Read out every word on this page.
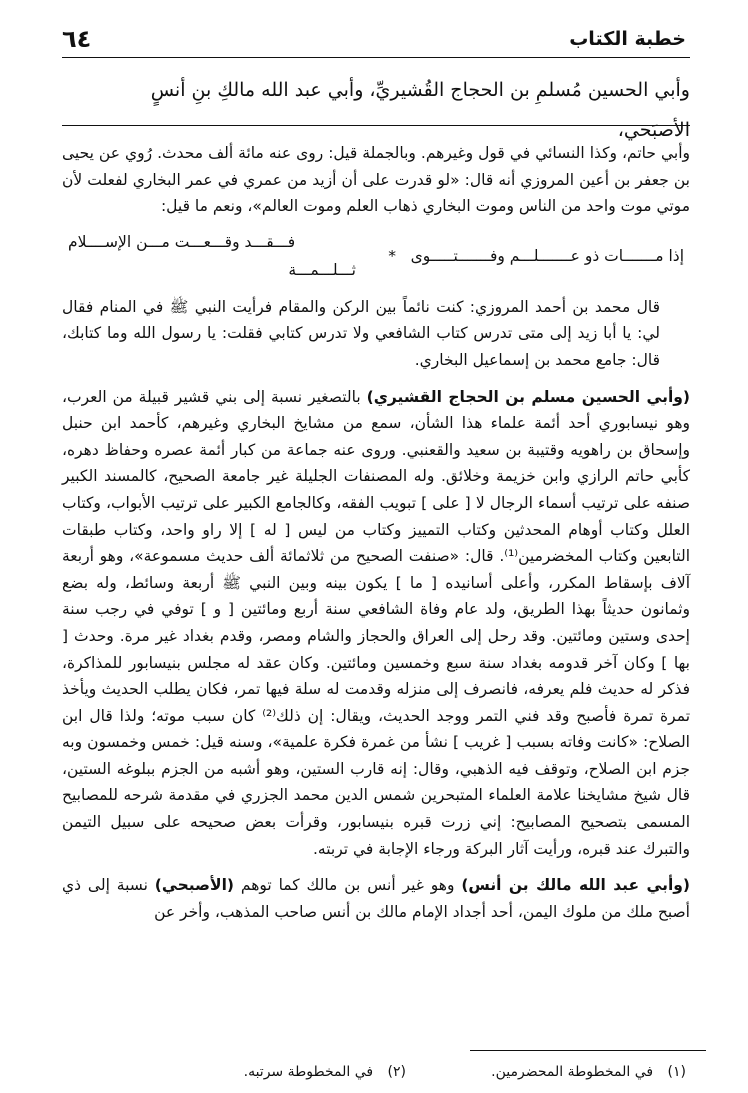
خطبة الكتاب
٦٤
وأبي الحسين مُسلمِ بن الحجاج القُشيريِّ، وأبي عبد الله مالكِ بنِ أنسٍ الأصبَحي،

وأبي حاتم، وكذا النسائي في قول وغيرهم. وبالجملة قيل: روى عنه مائة ألف محدث. رُوي عن يحيى بن جعفر بن أعين المروزي أنه قال: «لو قدرت على أن أزيد من عمري في عمر البخاري لفعلت لأن موتي موت واحد من الناس وموت البخاري ذهاب العلم وموت العالم»، ونعم ما قيل:

إذا مـــــــات ذو عـــــــلـــم وفـــــــتـــــوى
*
فـــقـــد وقـــعـــت مـــن الإســــلام ثـــلـــمـــة

قال محمد بن أحمد المروزي: كنت نائماً بين الركن والمقام فرأيت النبي ﷺ في المنام فقال لي: يا أبا زيد إلى متى تدرس كتاب الشافعي ولا تدرس كتابي فقلت: يا رسول الله وما كتابك، قال: جامع محمد بن إسماعيل البخاري.

(وأبي الحسين مسلم بن الحجاج القشيري) بالتصغير نسبة إلى بني قشير قبيلة من العرب، وهو نيسابوري أحد أئمة علماء هذا الشأن، سمع من مشايخ البخاري وغيرهم، كأحمد ابن حنبل وإسحاق بن راهويه وقتيبة بن سعيد والقعنبي. وروى عنه جماعة من كبار أئمة عصره وحفاظ دهره، كأبي حاتم الرازي وابن خزيمة وخلائق. وله المصنفات الجليلة غير جامعة الصحيح، كالمسند الكبير صنفه على ترتيب أسماء الرجال لا [ على ] تبويب الفقه، وكالجامع الكبير على ترتيب الأبواب، وكتاب العلل وكتاب أوهام المحدثين وكتاب التمييز وكتاب من ليس [ له ] إلا راو واحد، وكتاب طبقات التابعين وكتاب المخضرمين⁽¹⁾. قال: «صنفت الصحيح من ثلاثمائة ألف حديث مسموعة»، وهو أربعة آلاف بإسقاط المكرر، وأعلى أسانيده [ ما ] يكون بينه وبين النبي ﷺ أربعة وسائط، وله بضع وثمانون حديثاً بهذا الطريق، ولد عام وفاة الشافعي سنة أربع ومائتين [ و ] توفي في رجب سنة إحدى وستين ومائتين. وقد رحل إلى العراق والحجاز والشام ومصر، وقدم بغداد غير مرة. وحدث [ بها ] وكان آخر قدومه بغداد سنة سبع وخمسين ومائتين. وكان عقد له مجلس بنيسابور للمذاكرة، فذكر له حديث فلم يعرفه، فانصرف إلى منزله وقدمت له سلة فيها تمر، فكان يطلب الحديث ويأخذ تمرة تمرة فأصبح وقد فني التمر ووجد الحديث، ويقال: إن ذلك⁽²⁾ كان سبب موته؛ ولذا قال ابن الصلاح: «كانت وفاته بسبب [ غريب ] نشأ من غمرة فكرة علمية»، وسنه قيل: خمس وخمسون وبه جزم ابن الصلاح، وتوقف فيه الذهبي، وقال: إنه قارب الستين، وهو أشبه من الجزم ببلوغه الستين، قال شيخ مشايخنا علامة العلماء المتبحرين شمس الدين محمد الجزري في مقدمة شرحه للمصابيح المسمى بتصحيح المصابيح: إني زرت قبره بنيسابور، وقرأت بعض صحيحه على سبيل التيمن والتبرك عند قبره، ورأيت آثار البركة ورجاء الإجابة في تربته.

(وأبي عبد الله مالك بن أنس) وهو غير أنس بن مالك كما توهم (الأصبحي) نسبة إلى ذي أصبح ملك من ملوك اليمن، أحد أجداد الإمام مالك بن أنس صاحب المذهب، وأخر عن

(١) في المخطوطة المحضرمين.
(٢) في المخطوطة سرتبه.
